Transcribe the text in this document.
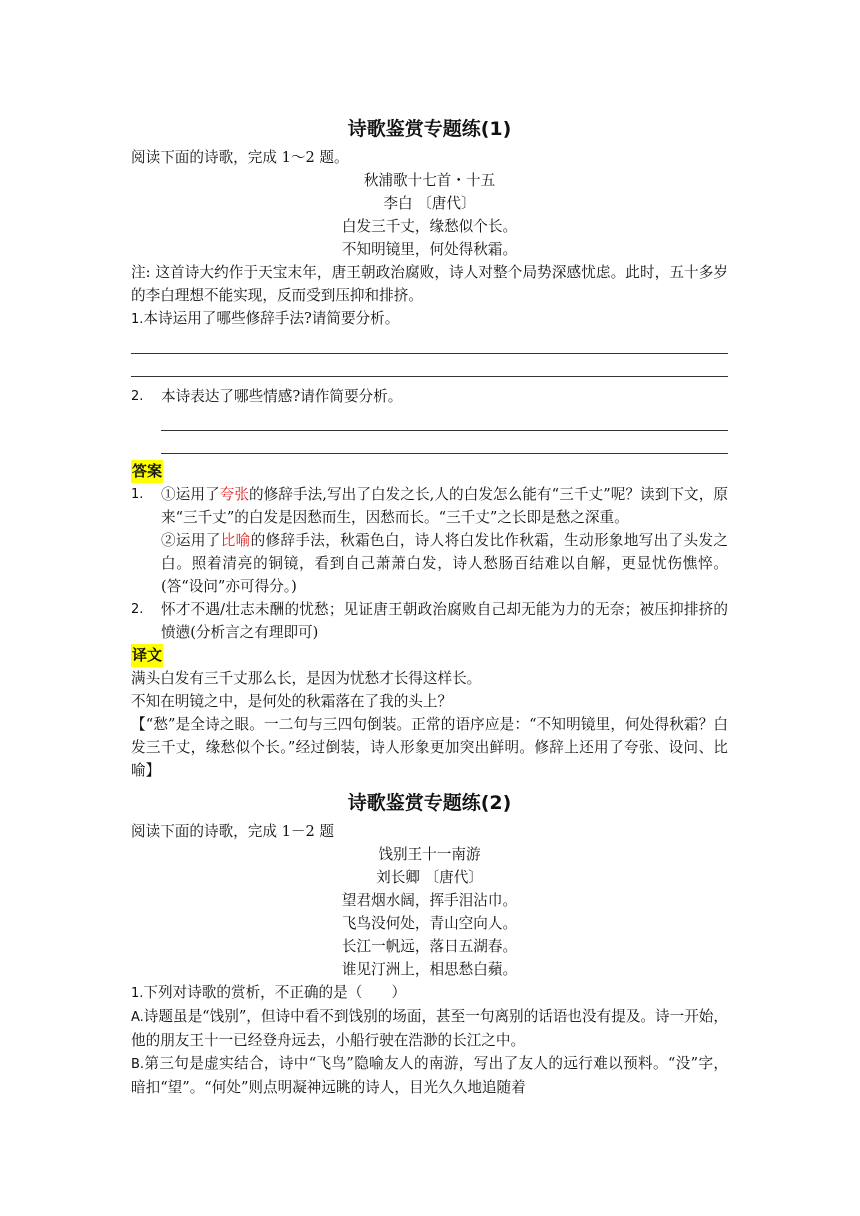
诗歌鉴赏专题练(1)

阅读下面的诗歌，完成 1～2 题。

秋浦歌十七首・十五

李白 〔唐代〕

白发三千丈，缘愁似个长。

不知明镜里，何处得秋霜。

注: 这首诗大约作于天宝末年，唐王朝政治腐败，诗人对整个局势深感忧虑。此时，五十多岁的李白理想不能实现，反而受到压抑和排挤。

1.本诗运用了哪些修辞手法?请简要分析。

2. 本诗表达了哪些情感?请作简要分析。

答案

1. ①运用了夸张的修辞手法,写出了白发之长,人的白发怎么能有“三千丈”呢？读到下文，原来“三千丈”的白发是因愁而生，因愁而长。“三千丈”之长即是愁之深重。
②运用了比喻的修辞手法，秋霜色白，诗人将白发比作秋霜，生动形象地写出了头发之白。照着清亮的铜镜，看到自己萧萧白发，诗人愁肠百结难以自解，更显忧伤憔悴。(答“设问”亦可得分。)
2. 怀才不遇/壮志未酬的忧愁；见证唐王朝政治腐败自己却无能为力的无奈；被压抑排挤的愤懑(分析言之有理即可)

译文

满头白发有三千丈那么长，是因为忧愁才长得这样长。

不知在明镜之中，是何处的秋霜落在了我的头上？

【“愁”是全诗之眼。一二句与三四句倒装。正常的语序应是：“不知明镜里，何处得秋霜？白发三千丈，缘愁似个长。”经过倒装，诗人形象更加突出鲜明。修辞上还用了夸张、设问、比喻】

诗歌鉴赏专题练(2)

阅读下面的诗歌，完成 1－2 题

饯别王十一南游

刘长卿 〔唐代〕

望君烟水阔，挥手泪沾巾。

飞鸟没何处，青山空向人。

长江一帆远，落日五湖春。

谁见汀洲上，相思愁白蘋。

1.下列对诗歌的赏析，不正确的是（　　）

A.诗题虽是“饯别”，但诗中看不到饯别的场面，甚至一句离别的话语也没有提及。诗一开始，他的朋友王十一已经登舟远去，小船行驶在浩渺的长江之中。

B.第三句是虚实结合，诗中“飞鸟”隐喻友人的南游，写出了友人的远行难以预料。“没”字，暗扣“望”。“何处”则点明凝神远眺的诗人，目光久久地追随着
